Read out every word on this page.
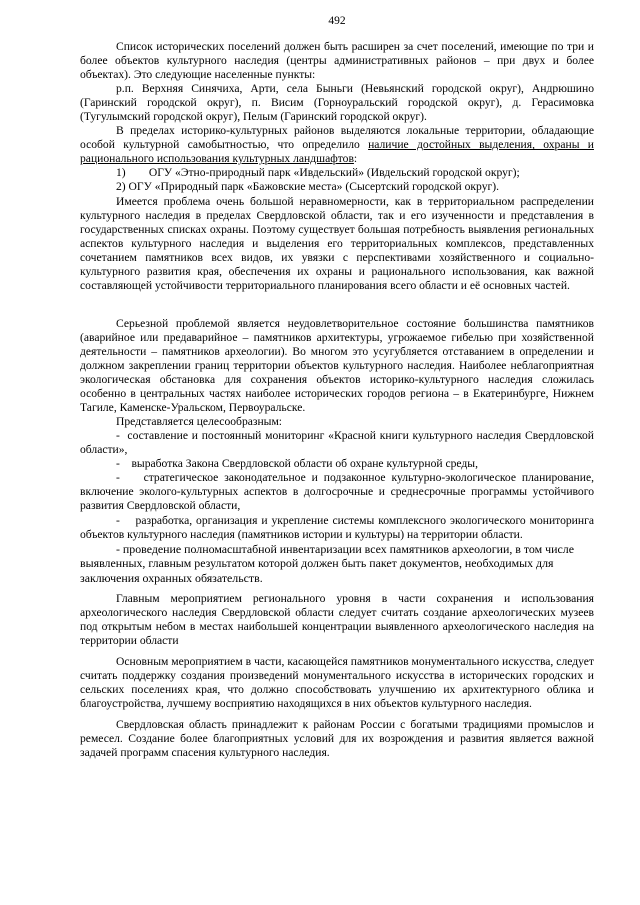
492

Список исторических поселений должен быть расширен за счет поселений, имеющие по три и более объектов культурного наследия (центры административных районов – при двух и более объектах). Это следующие населенные пункты:

р.п. Верхняя Синячиха, Арти, села Быньги (Невьянский городской округ), Андрюшино (Гаринский городской округ), п. Висим (Горноуральский городской округ), д. Герасимовка (Тугулымский городской округ), Пелым (Гаринский городской округ).

В пределах историко-культурных районов выделяются локальные территории, обладающие особой культурной самобытностью, что определило наличие достойных выделения, охраны и рационального использования культурных ландшафтов:

1)        ОГУ «Этно-природный парк «Ивдельский» (Ивдельский городской округ);

2) ОГУ «Природный парк «Бажовские места» (Сысертский городской округ).

Имеется проблема очень большой неравномерности, как в территориальном распределении культурного наследия в пределах Свердловской области, так и его изученности и представления в государственных списках охраны. Поэтому существует большая потребность выявления региональных аспектов культурного наследия и выделения его территориальных комплексов, представленных сочетанием памятников всех видов, их увязки с перспективами хозяйственного и социально-культурного развития края, обеспечения их охраны и рационального использования, как важной составляющей устойчивости территориального планирования всего области и её основных частей.

Серьезной проблемой является неудовлетворительное состояние большинства памятников (аварийное или предаварийное – памятников архитектуры, угрожаемое гибелью при хозяйственной деятельности – памятников археологии). Во многом это усугубляется отставанием в определении и должном закреплении границ территории объектов культурного наследия. Наиболее неблагоприятная экологическая обстановка для сохранения объектов историко-культурного наследия сложилась особенно в центральных частях наиболее исторических городов региона – в Екатеринбурге, Нижнем Тагиле, Каменске-Уральском, Первоуральске.

Представляется целесообразным:

-  составление и постоянный мониторинг «Красной книги культурного наследия Свердловской области»,

-    выработка Закона Свердловской области об охране культурной среды,

-    стратегическое законодательное и подзаконное культурно-экологическое планирование, включение эколого-культурных аспектов в долгосрочные и среднесрочные программы устойчивого развития Свердловской области,

-    разработка, организация и укрепление системы комплексного экологического мониторинга объектов культурного наследия (памятников истории и культуры) на территории области.

- проведение полномасштабной инвентаризации всех памятников археологии, в том числе выявленных, главным результатом которой должен быть пакет документов, необходимых для заключения охранных обязательств.

Главным мероприятием регионального уровня в части сохранения и использования археологического наследия Свердловской области следует считать создание археологических музеев под открытым небом в местах наибольшей концентрации выявленного археологического наследия на территории области

Основным мероприятием в части, касающейся памятников монументального искусства, следует считать поддержку создания произведений монументального искусства в исторических городских и сельских поселениях края, что должно способствовать улучшению их архитектурного облика и благоустройства, лучшему восприятию находящихся в них объектов культурного наследия.

Свердловская область принадлежит к районам России с богатыми традициями промыслов и ремесел. Создание более благоприятных условий для их возрождения и развития является важной задачей программ спасения культурного наследия.
